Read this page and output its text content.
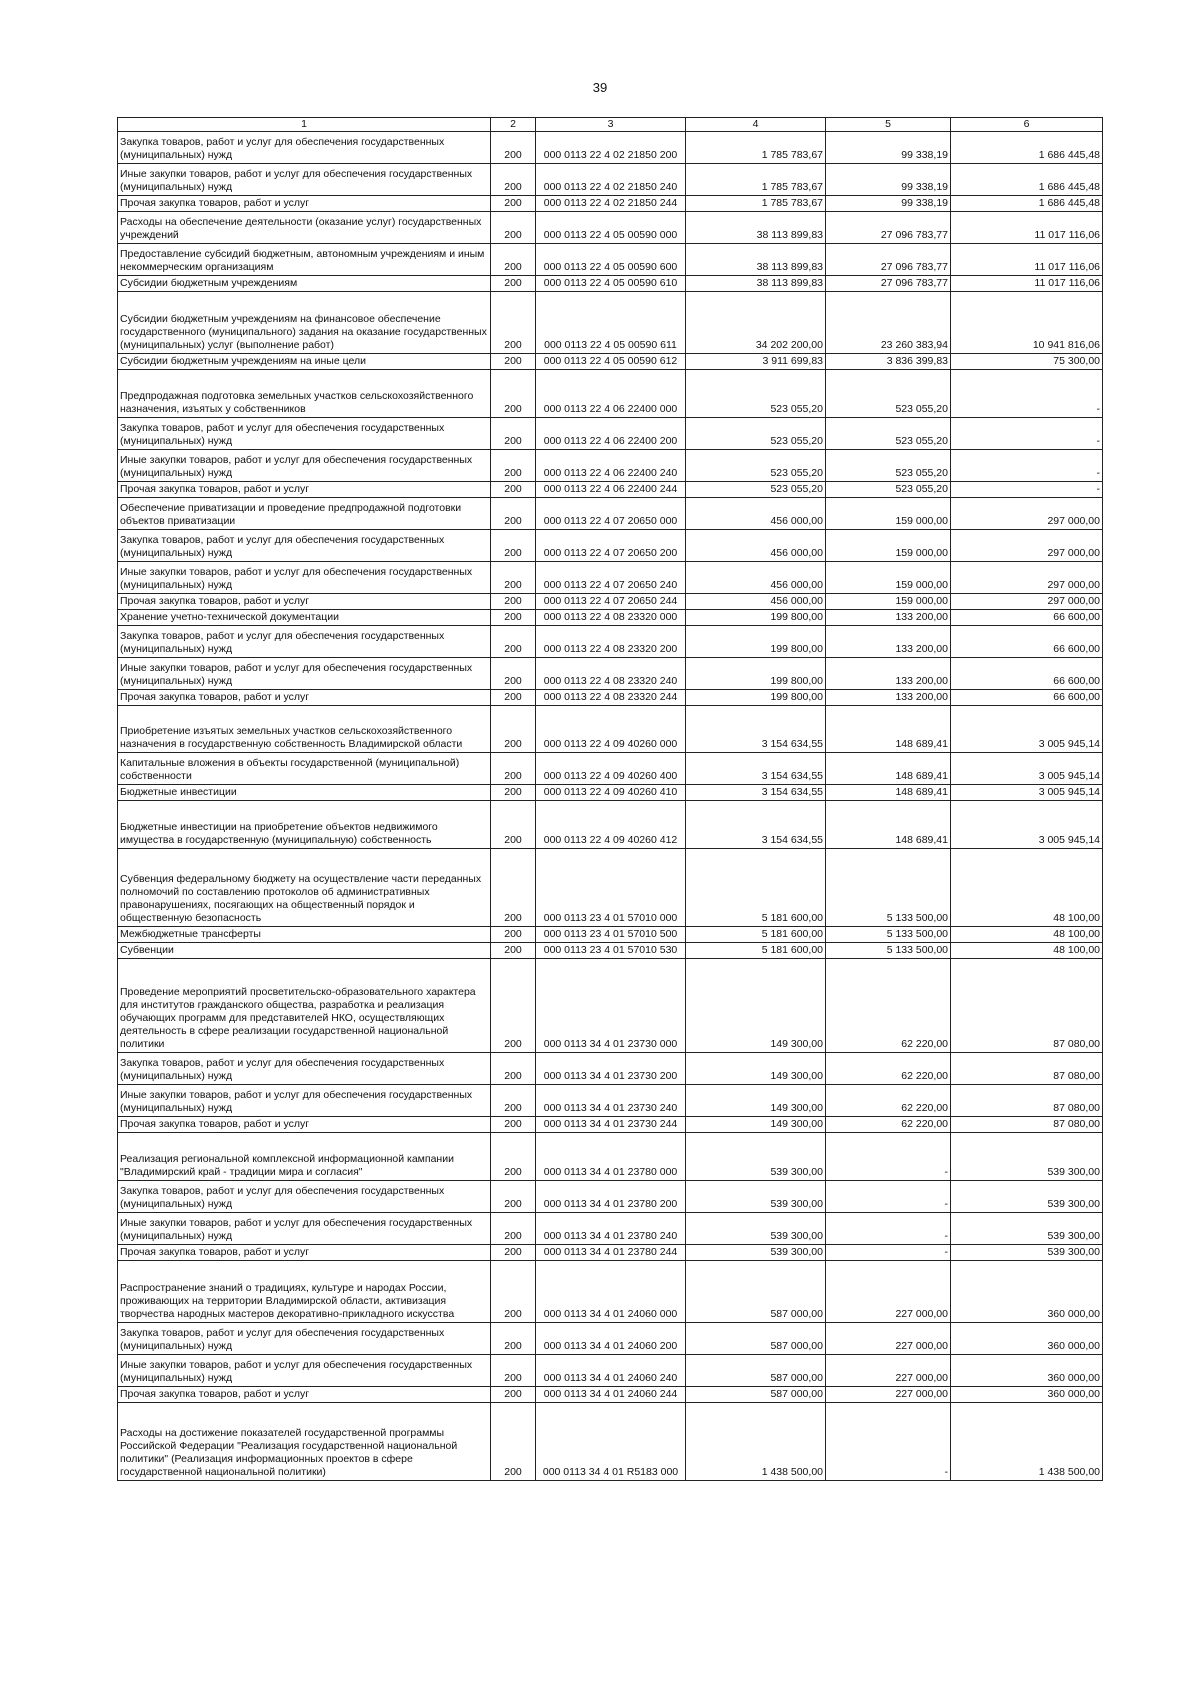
39
1	2	3	4	5	6
Закупка товаров, работ и услуг для обеспечения государственных (муниципальных) нужд	200	000 0113 22 4 02 21850 200	1 785 783,67	99 338,19	1 686 445,48
Иные закупки товаров, работ и услуг для обеспечения государственных (муниципальных) нужд	200	000 0113 22 4 02 21850 240	1 785 783,67	99 338,19	1 686 445,48
Прочая закупка товаров, работ и услуг	200	000 0113 22 4 02 21850 244	1 785 783,67	99 338,19	1 686 445,48
Расходы на обеспечение деятельности (оказание услуг) государственных учреждений	200	000 0113 22 4 05 00590 000	38 113 899,83	27 096 783,77	11 017 116,06
Предоставление субсидий бюджетным, автономным учреждениям и иным некоммерческим организациям	200	000 0113 22 4 05 00590 600	38 113 899,83	27 096 783,77	11 017 116,06
Субсидии бюджетным учреждениям	200	000 0113 22 4 05 00590 610	38 113 899,83	27 096 783,77	11 017 116,06
Субсидии бюджетным учреждениям на финансовое обеспечение государственного (муниципального) задания на оказание государственных (муниципальных) услуг (выполнение работ)	200	000 0113 22 4 05 00590 611	34 202 200,00	23 260 383,94	10 941 816,06
Субсидии бюджетным учреждениям на иные цели	200	000 0113 22 4 05 00590 612	3 911 699,83	3 836 399,83	75 300,00
Предпродажная подготовка земельных участков сельскохозяйственного назначения, изъятых у собственников	200	000 0113 22 4 06 22400 000	523 055,20	523 055,20	-
Закупка товаров, работ и услуг для обеспечения государственных (муниципальных) нужд	200	000 0113 22 4 06 22400 200	523 055,20	523 055,20	-
Иные закупки товаров, работ и услуг для обеспечения государственных (муниципальных) нужд	200	000 0113 22 4 06 22400 240	523 055,20	523 055,20	-
Прочая закупка товаров, работ и услуг	200	000 0113 22 4 06 22400 244	523 055,20	523 055,20	-
Обеспечение приватизации и проведение предпродажной подготовки объектов приватизации	200	000 0113 22 4 07 20650 000	456 000,00	159 000,00	297 000,00
Закупка товаров, работ и услуг для обеспечения государственных (муниципальных) нужд	200	000 0113 22 4 07 20650 200	456 000,00	159 000,00	297 000,00
Иные закупки товаров, работ и услуг для обеспечения государственных (муниципальных) нужд	200	000 0113 22 4 07 20650 240	456 000,00	159 000,00	297 000,00
Прочая закупка товаров, работ и услуг	200	000 0113 22 4 07 20650 244	456 000,00	159 000,00	297 000,00
Хранение учетно-технической документации	200	000 0113 22 4 08 23320 000	199 800,00	133 200,00	66 600,00
Закупка товаров, работ и услуг для обеспечения государственных (муниципальных) нужд	200	000 0113 22 4 08 23320 200	199 800,00	133 200,00	66 600,00
Иные закупки товаров, работ и услуг для обеспечения государственных (муниципальных) нужд	200	000 0113 22 4 08 23320 240	199 800,00	133 200,00	66 600,00
Прочая закупка товаров, работ и услуг	200	000 0113 22 4 08 23320 244	199 800,00	133 200,00	66 600,00
Приобретение изъятых земельных участков сельскохозяйственного назначения в государственную собственность Владимирской области	200	000 0113 22 4 09 40260 000	3 154 634,55	148 689,41	3 005 945,14
Капитальные вложения в объекты государственной (муниципальной) собственности	200	000 0113 22 4 09 40260 400	3 154 634,55	148 689,41	3 005 945,14
Бюджетные инвестиции	200	000 0113 22 4 09 40260 410	3 154 634,55	148 689,41	3 005 945,14
Бюджетные инвестиции на приобретение объектов недвижимого имущества в государственную (муниципальную) собственность	200	000 0113 22 4 09 40260 412	3 154 634,55	148 689,41	3 005 945,14
Субвенция федеральному бюджету на осуществление части переданных полномочий по составлению протоколов об административных правонарушениях, посягающих на общественный порядок и общественную безопасность	200	000 0113 23 4 01 57010 000	5 181 600,00	5 133 500,00	48 100,00
Межбюджетные трансферты	200	000 0113 23 4 01 57010 500	5 181 600,00	5 133 500,00	48 100,00
Субвенции	200	000 0113 23 4 01 57010 530	5 181 600,00	5 133 500,00	48 100,00
Проведение мероприятий просветительско-образовательного характера для институтов гражданского общества, разработка и реализация обучающих программ для представителей НКО, осуществляющих деятельность в сфере реализации государственной национальной политики	200	000 0113 34 4 01 23730 000	149 300,00	62 220,00	87 080,00
Закупка товаров, работ и услуг для обеспечения государственных (муниципальных) нужд	200	000 0113 34 4 01 23730 200	149 300,00	62 220,00	87 080,00
Иные закупки товаров, работ и услуг для обеспечения государственных (муниципальных) нужд	200	000 0113 34 4 01 23730 240	149 300,00	62 220,00	87 080,00
Прочая закупка товаров, работ и услуг	200	000 0113 34 4 01 23730 244	149 300,00	62 220,00	87 080,00
Реализация региональной комплексной информационной кампании "Владимирский край - традиции мира и согласия"	200	000 0113 34 4 01 23780 000	539 300,00	-	539 300,00
Закупка товаров, работ и услуг для обеспечения государственных (муниципальных) нужд	200	000 0113 34 4 01 23780 200	539 300,00	-	539 300,00
Иные закупки товаров, работ и услуг для обеспечения государственных (муниципальных) нужд	200	000 0113 34 4 01 23780 240	539 300,00	-	539 300,00
Прочая закупка товаров, работ и услуг	200	000 0113 34 4 01 23780 244	539 300,00	-	539 300,00
Распространение знаний о традициях, культуре и народах России, проживающих на территории Владимирской области, активизация творчества народных мастеров декоративно-прикладного искусства	200	000 0113 34 4 01 24060 000	587 000,00	227 000,00	360 000,00
Закупка товаров, работ и услуг для обеспечения государственных (муниципальных) нужд	200	000 0113 34 4 01 24060 200	587 000,00	227 000,00	360 000,00
Иные закупки товаров, работ и услуг для обеспечения государственных (муниципальных) нужд	200	000 0113 34 4 01 24060 240	587 000,00	227 000,00	360 000,00
Прочая закупка товаров, работ и услуг	200	000 0113 34 4 01 24060 244	587 000,00	227 000,00	360 000,00
Расходы на достижение показателей государственной программы Российской Федерации "Реализация государственной национальной политики" (Реализация информационных проектов в сфере государственной национальной политики)	200	000 0113 34 4 01 R5183 000	1 438 500,00	-	1 438 500,00
